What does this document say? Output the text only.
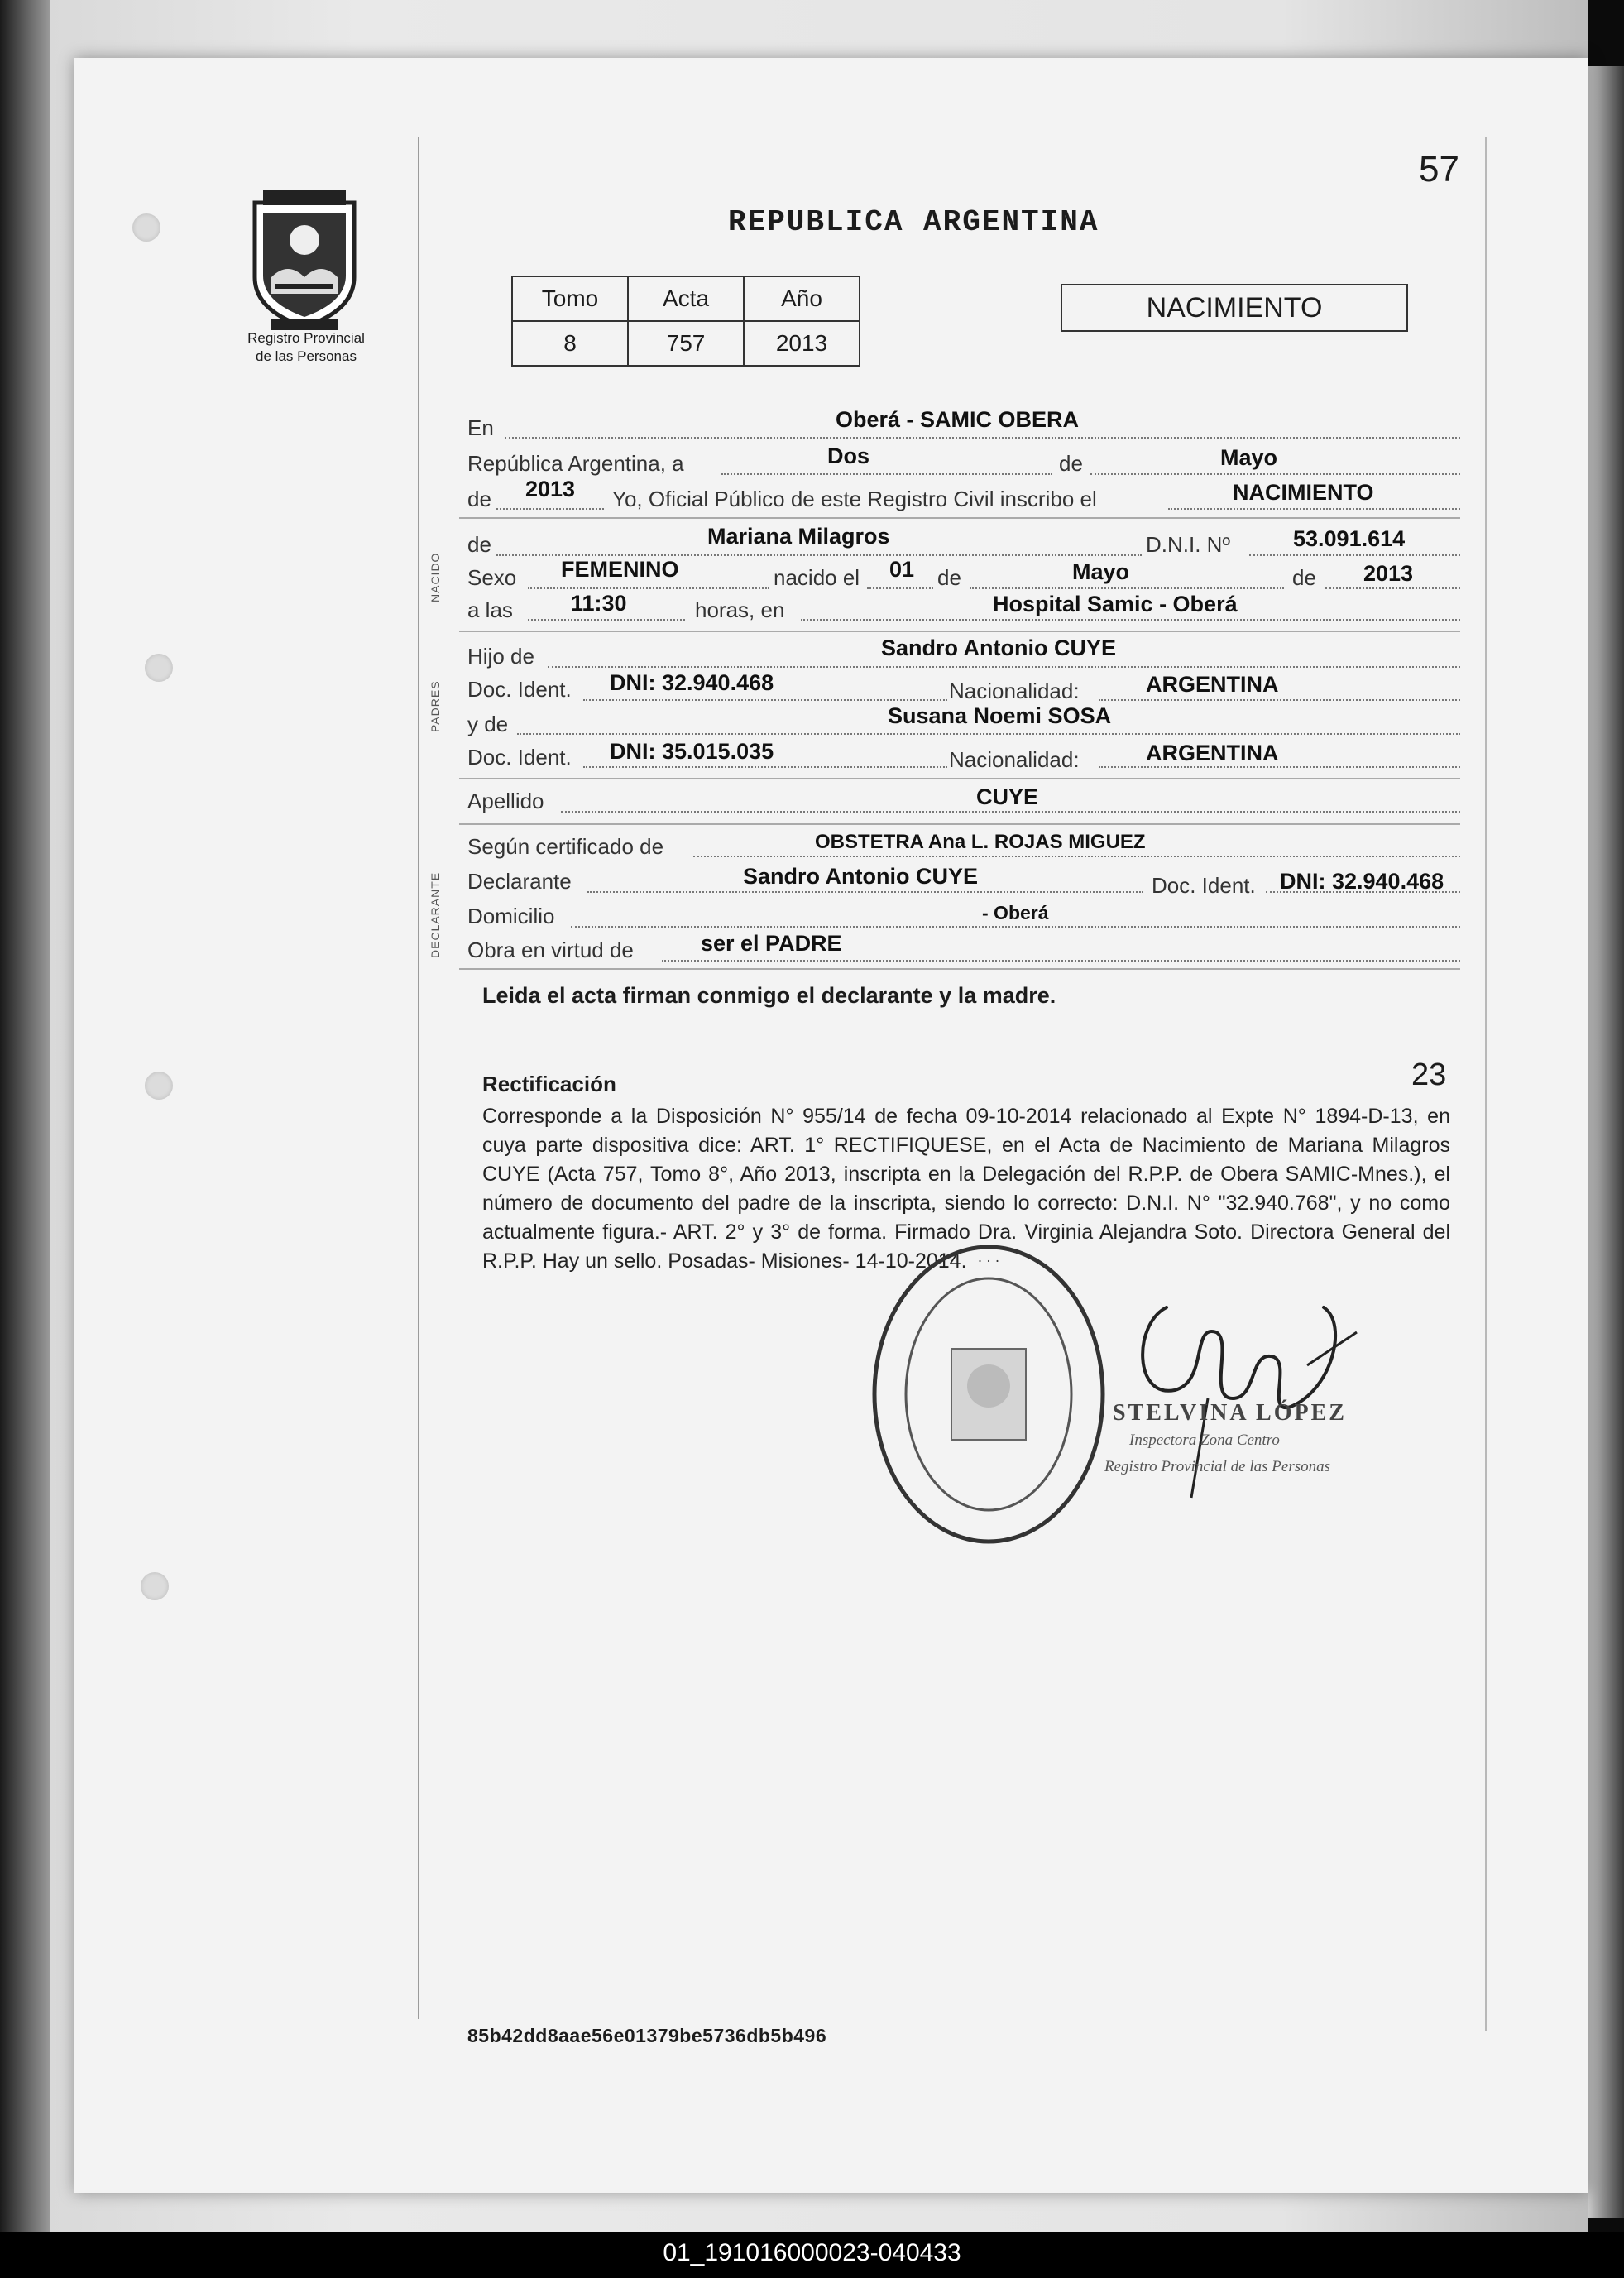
57
Registro Provincial
de las Personas
REPUBLICA ARGENTINA
Tomo	Acta	Año
8	757	2013
NACIMIENTO
En	Oberá - SAMIC OBERA
República Argentina, a	Dos	de	Mayo
de 2013 Yo, Oficial Público de este Registro Civil inscribo el	NACIMIENTO
NACIDO
de	Mariana Milagros	D.N.I. Nº	53.091.614
Sexo FEMENINO	nacido el 01 de	Mayo	de 2013
a las	11:30	horas, en	Hospital Samic - Oberá
PADRES
Hijo de	Sandro Antonio CUYE
Doc. Ident. DNI: 32.940.468	Nacionalidad:	ARGENTINA
y de	Susana Noemi SOSA
Doc. Ident. DNI: 35.015.035	Nacionalidad:	ARGENTINA
Apellido	CUYE
DECLARANTE
Según certificado de	OBSTETRA Ana L. ROJAS MIGUEZ
Declarante	Sandro Antonio CUYE	Doc. Ident. DNI: 32.940.468
Domicilio	- Oberá
Obra en virtud de	ser el PADRE
Leida el acta firman conmigo el declarante y la madre.
Rectificación	23
Corresponde a la Disposición N° 955/14 de fecha 09-10-2014 relacionado al Expte N° 1894-D-13, en cuya parte dispositiva dice: ART. 1° RECTIFIQUESE, en el Acta de Nacimiento de Mariana Milagros CUYE (Acta 757, Tomo 8°, Año 2013, inscripta en la Delegación del R.P.P. de Obera SAMIC-Mnes.), el número de documento del padre de la inscripta, siendo lo correcto: D.N.I. N° "32.940.768", y no como actualmente figura.- ART. 2° y 3° de forma. Firmado Dra. Virginia Alejandra Soto. Directora General del R.P.P. Hay un sello. Posadas- Misiones- 14-10-2014. · · ·
STELVINA LÓPEZ
Inspectora Zona Centro
Registro Provincial de las Personas
85b42dd8aae56e01379be5736db5b496
01_191016000023-040433
